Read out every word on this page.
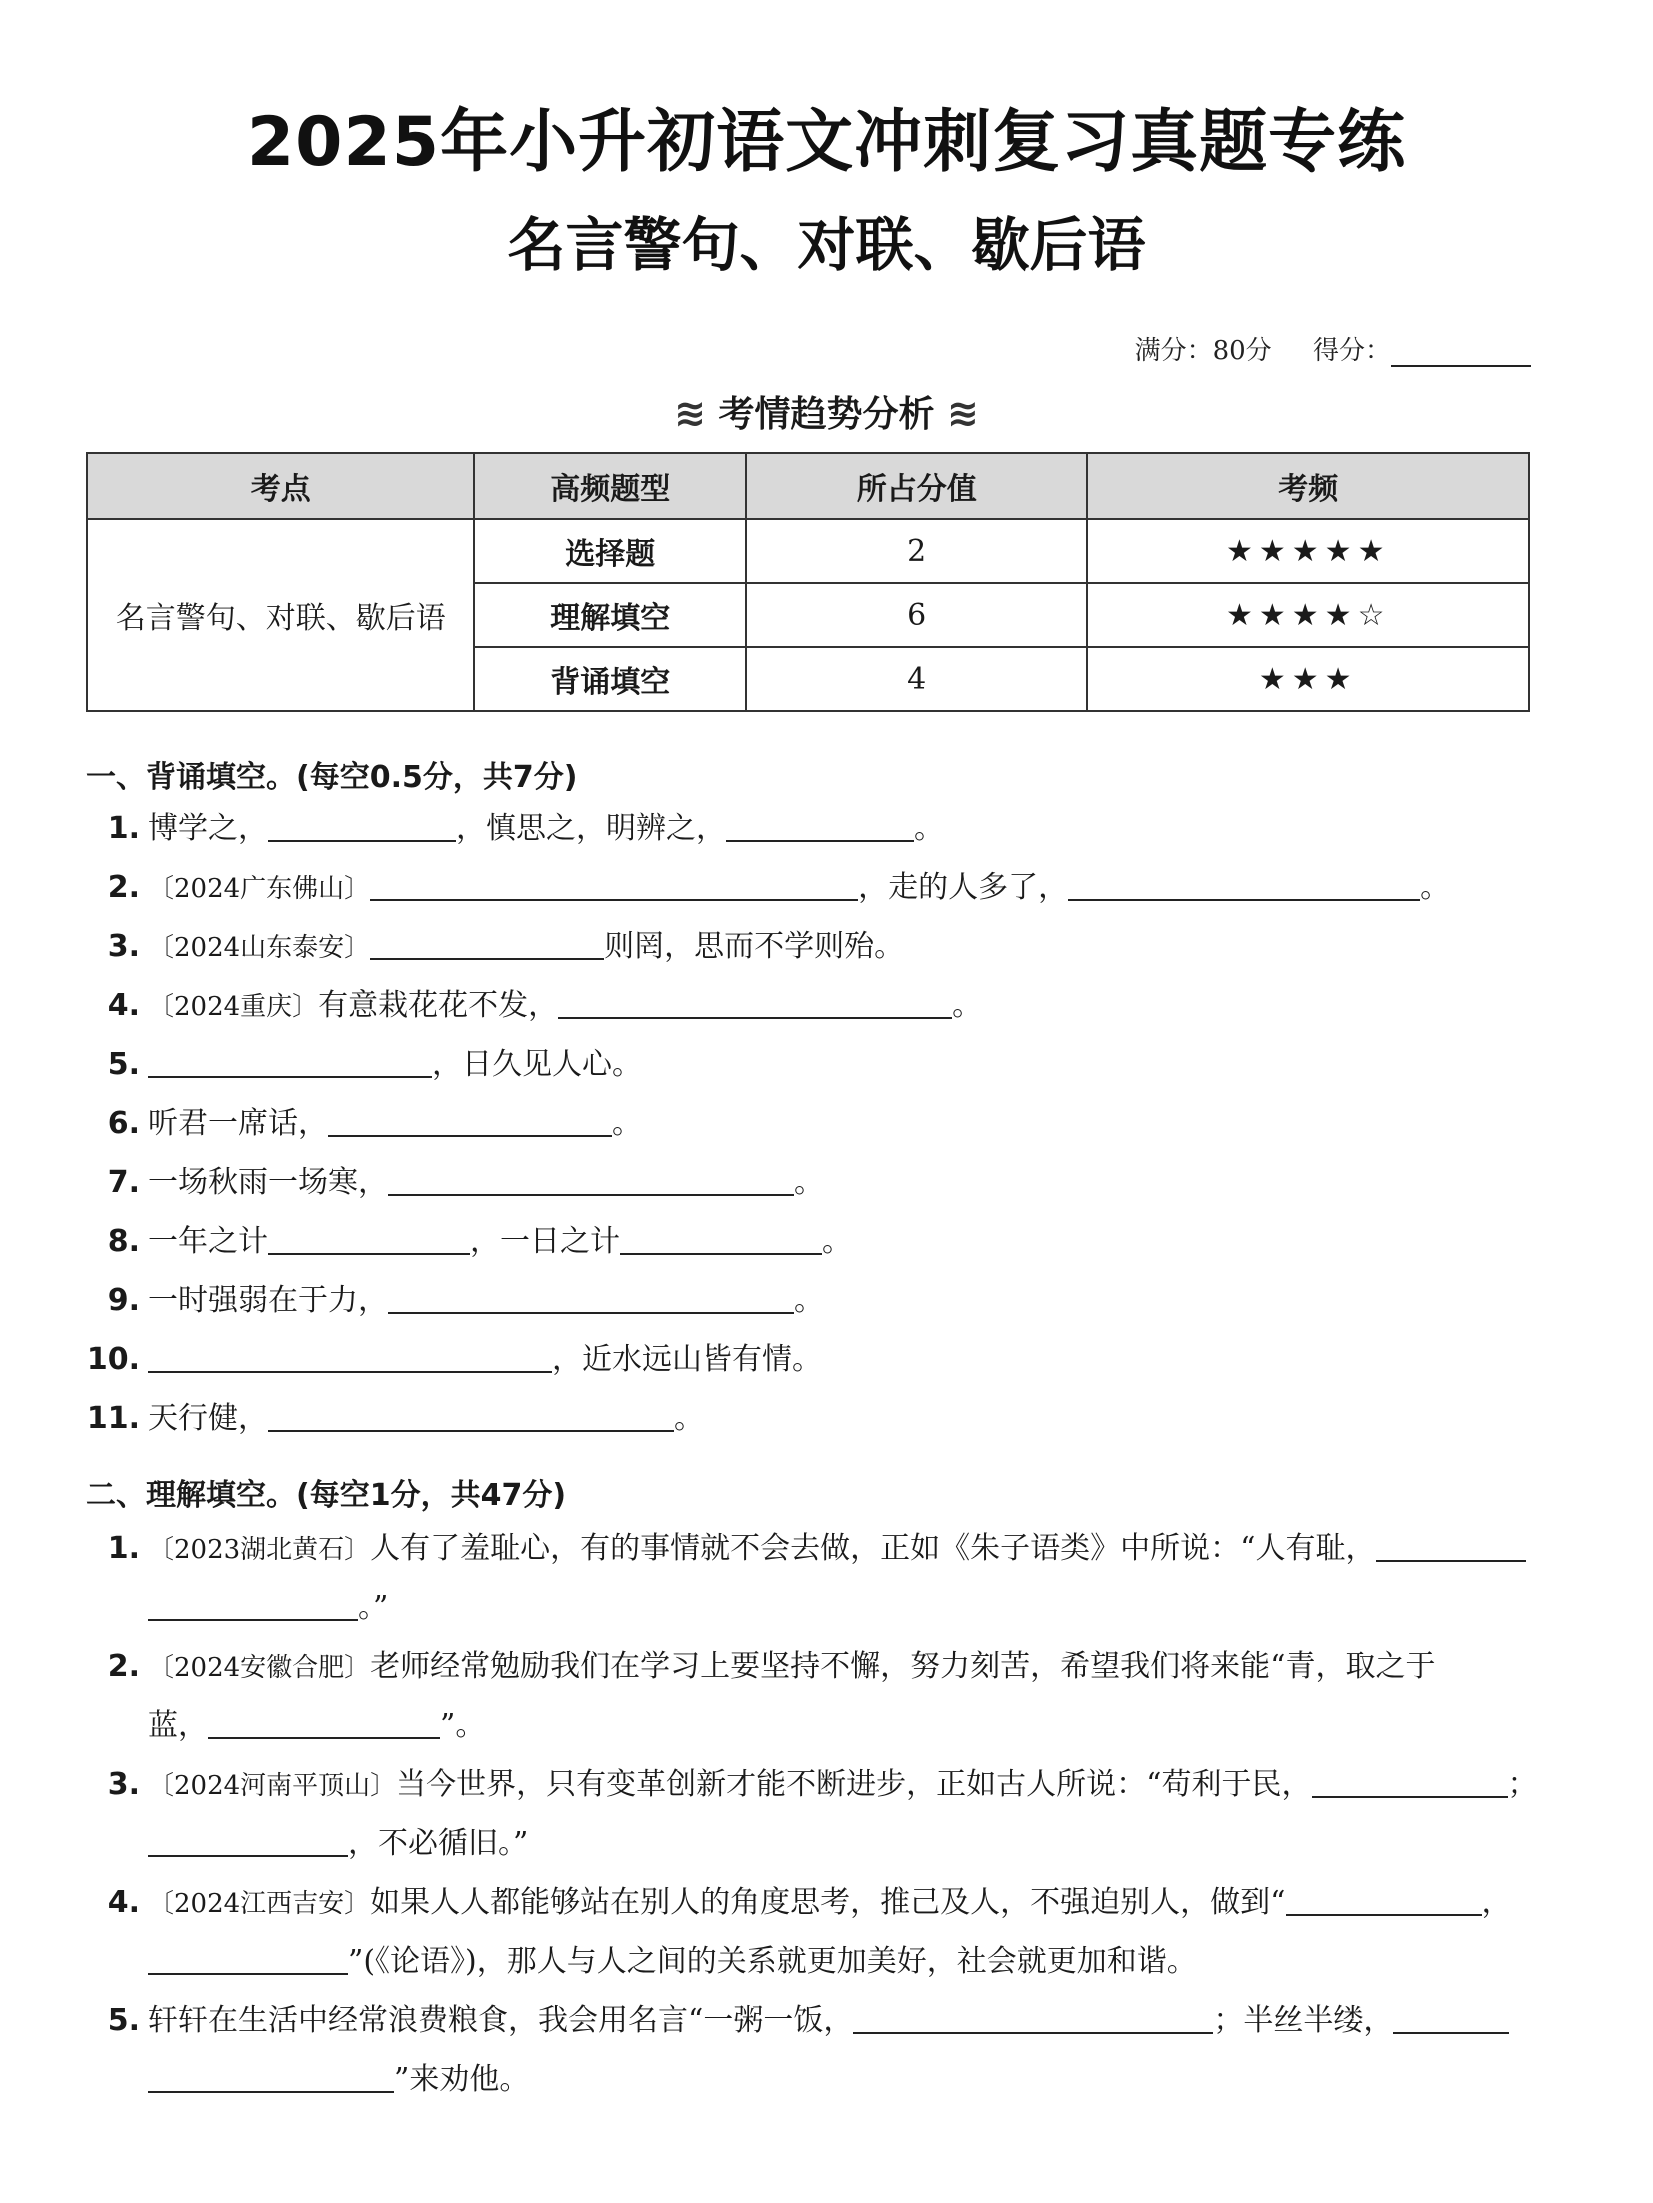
2025年小升初语文冲刺复习真题专练
名言警句、对联、歇后语
满分：80分 得分：
≋ 考情趋势分析 ≋
考点	高频题型	所占分值	考频
名言警句、对联、歇后语	选择题	2	★★★★★
	理解填空	6	★★★★☆
	背诵填空	4	★★★
一、背诵填空。(每空0.5分，共7分)
1. 博学之，	，慎思之，明辨之，	。
2. 〔2024广东佛山〕	，走的人多了，	。
3. 〔2024山东泰安〕	则罔，思而不学则殆。
4. 〔2024重庆〕有意栽花花不发，	。
5.	，日久见人心。
6. 听君一席话，	。
7. 一场秋雨一场寒，	。
8. 一年之计	，一日之计	。
9. 一时强弱在于力，	。
10.	，近水远山皆有情。
11. 天行健，	。
二、理解填空。(每空1分，共47分)
1. 〔2023湖北黄石〕人有了羞耻心，有的事情就不会去做，正如《朱子语类》中所说：“人有耻，
。”
2. 〔2024安徽合肥〕老师经常勉励我们在学习上要坚持不懈，努力刻苦，希望我们将来能“青，取之于
蓝，	”。
3. 〔2024河南平顶山〕当今世界，只有变革创新才能不断进步，正如古人所说：“苟利于民，	；
，不必循旧。”
4. 〔2024江西吉安〕如果人人都能够站在别人的角度思考，推己及人，不强迫别人，做到“	，
”(《论语》)，那人与人之间的关系就更加美好，社会就更加和谐。
5. 轩轩在生活中经常浪费粮食，我会用名言“一粥一饭，	；半丝半缕，
”来劝他。
